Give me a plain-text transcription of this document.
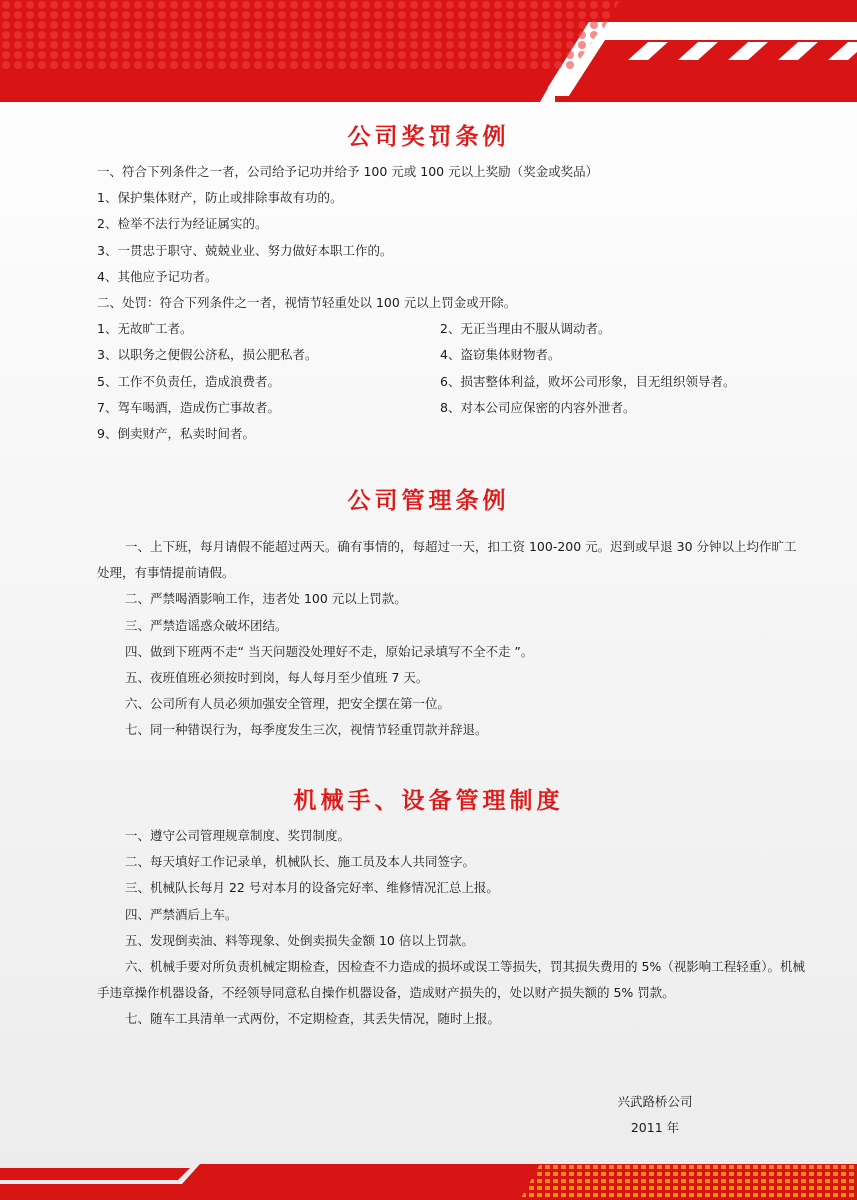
公司奖罚条例

一、符合下列条件之一者，公司给予记功并给予 100 元或 100 元以上奖励（奖金或奖品）

1、保护集体财产，防止或排除事故有功的。

2、检举不法行为经证属实的。

3、一贯忠于职守、兢兢业业、努力做好本职工作的。

4、其他应予记功者。

二、处罚：符合下列条件之一者，视情节轻重处以 100 元以上罚金或开除。

1、无故旷工者。	2、无正当理由不服从调动者。
3、以职务之便假公济私，损公肥私者。	4、盗窃集体财物者。
5、工作不负责任，造成浪费者。	6、损害整体利益，败坏公司形象，目无组织领导者。
7、驾车喝酒，造成伤亡事故者。	8、对本公司应保密的内容外泄者。

9、倒卖财产，私卖时间者。

公司管理条例

一、上下班，每月请假不能超过两天。确有事情的，每超过一天，扣工资 100-200 元。迟到或早退 30 分钟以上均作旷工处理，有事情提前请假。

二、严禁喝酒影响工作，违者处 100 元以上罚款。

三、严禁造谣惑众破坏团结。

四、做到下班两不走“ 当天问题没处理好不走，原始记录填写不全不走 ”。

五、夜班值班必须按时到岗，每人每月至少值班 7 天。

六、公司所有人员必须加强安全管理，把安全摆在第一位。

七、同一种错误行为，每季度发生三次，视情节轻重罚款并辞退。

机械手、设备管理制度

一、遵守公司管理规章制度、奖罚制度。

二、每天填好工作记录单，机械队长、施工员及本人共同签字。

三、机械队长每月 22 号对本月的设备完好率、维修情况汇总上报。

四、严禁酒后上车。

五、发现倒卖油、料等现象、处倒卖损失金额 10 倍以上罚款。

六、机械手要对所负责机械定期检查，因检查不力造成的损坏或误工等损失，罚其损失费用的 5%（视影响工程轻重）。机械手违章操作机器设备，不经领导同意私自操作机器设备，造成财产损失的，处以财产损失额的 5% 罚款。

七、随车工具清单一式两份，不定期检查，其丢失情况，随时上报。

兴武路桥公司
2011 年
